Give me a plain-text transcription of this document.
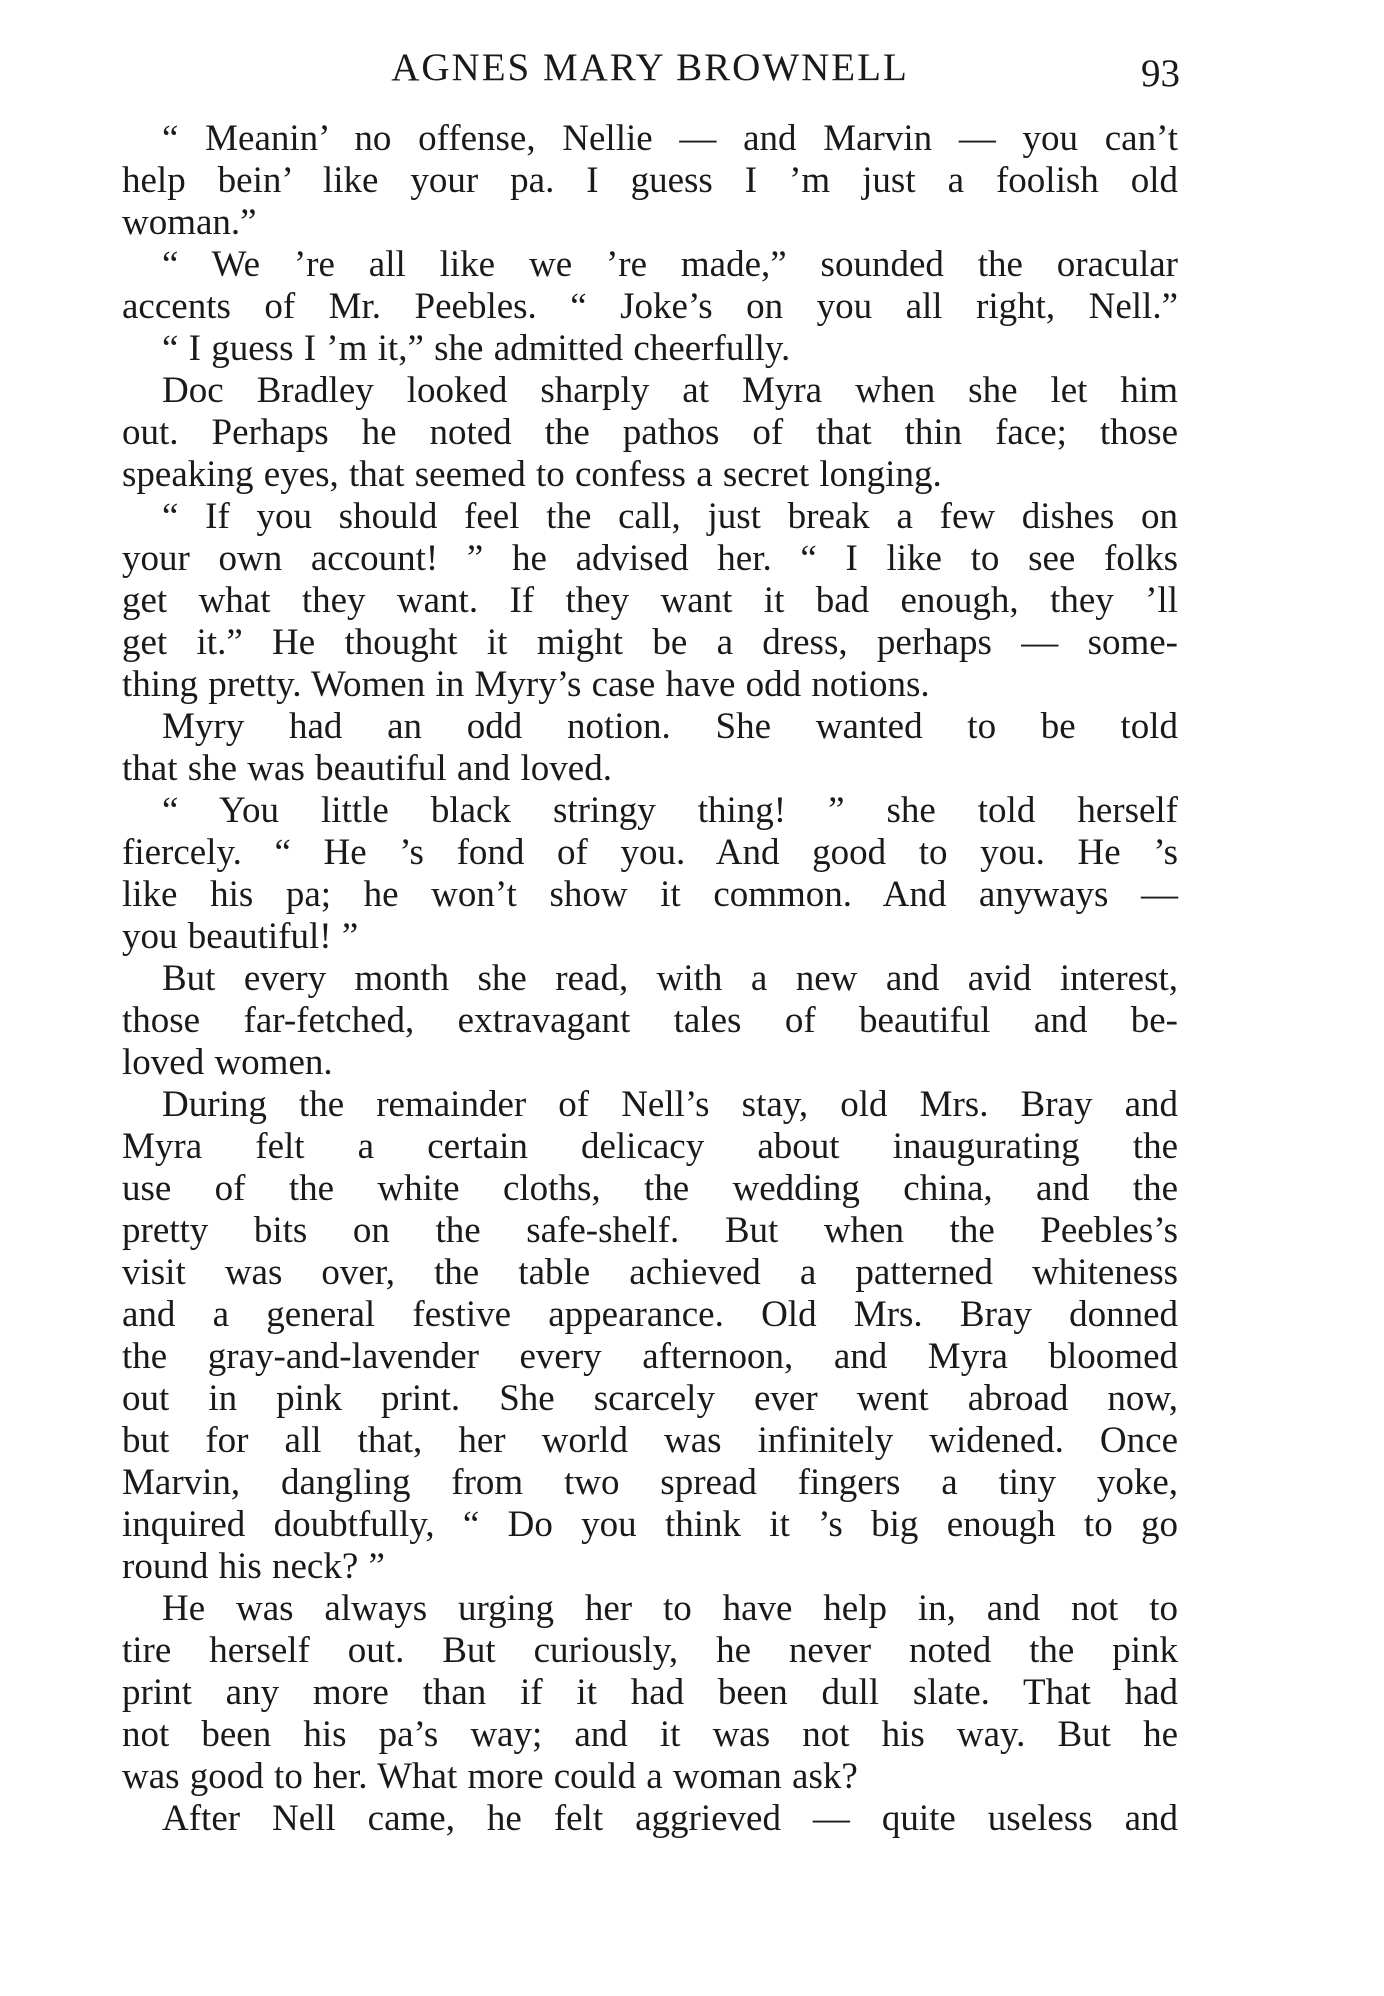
AGNES MARY BROWNELL	93
“ Meanin’ no offense, Nellie — and Marvin — you can’t
help bein’ like your pa. I guess I ’m just a foolish old
woman.”
“ We ’re all like we ’re made,” sounded the oracular
accents of Mr. Peebles. “ Joke’s on you all right, Nell.”
“ I guess I ’m it,” she admitted cheerfully.
Doc Bradley looked sharply at Myra when she let him
out. Perhaps he noted the pathos of that thin face; those
speaking eyes, that seemed to confess a secret longing.
“ If you should feel the call, just break a few dishes on
your own account! ” he advised her. “ I like to see folks
get what they want. If they want it bad enough, they ’ll
get it.” He thought it might be a dress, perhaps — some-
thing pretty. Women in Myry’s case have odd notions.
Myry had an odd notion. She wanted to be told
that she was beautiful and loved.
“ You little black stringy thing! ” she told herself
fiercely. “ He ’s fond of you. And good to you. He ’s
like his pa; he won’t show it common. And anyways —
you beautiful! ”
But every month she read, with a new and avid interest,
those far-fetched, extravagant tales of beautiful and be-
loved women.
During the remainder of Nell’s stay, old Mrs. Bray and
Myra felt a certain delicacy about inaugurating the
use of the white cloths, the wedding china, and the
pretty bits on the safe-shelf. But when the Peebles’s
visit was over, the table achieved a patterned whiteness
and a general festive appearance. Old Mrs. Bray donned
the gray-and-lavender every afternoon, and Myra bloomed
out in pink print. She scarcely ever went abroad now,
but for all that, her world was infinitely widened. Once
Marvin, dangling from two spread fingers a tiny yoke,
inquired doubtfully, “ Do you think it ’s big enough to go
round his neck? ”
He was always urging her to have help in, and not to
tire herself out. But curiously, he never noted the pink
print any more than if it had been dull slate. That had
not been his pa’s way; and it was not his way. But he
was good to her. What more could a woman ask?
After Nell came, he felt aggrieved — quite useless and
